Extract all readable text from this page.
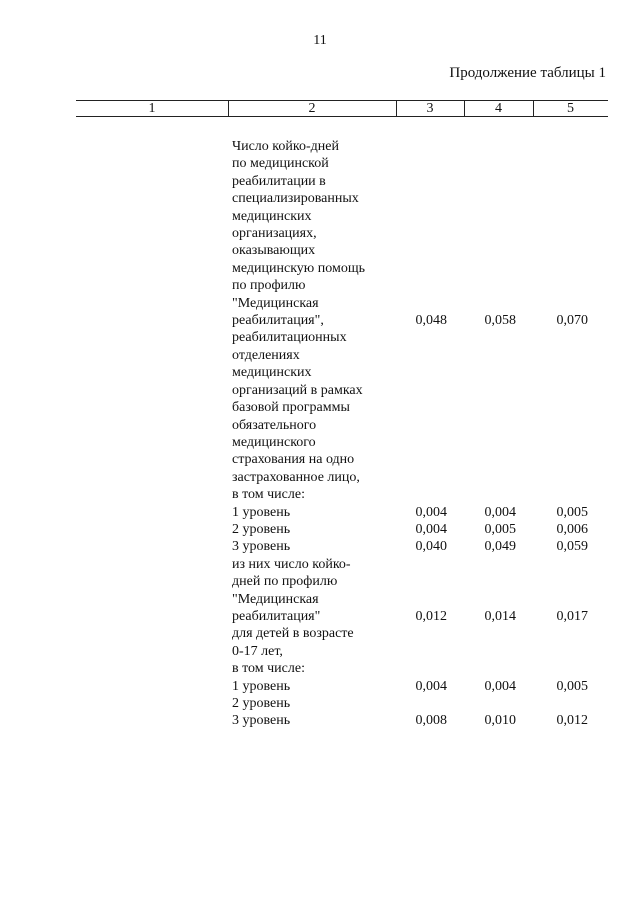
11
Продолжение таблицы 1
1	2	3	4	5
Число койко-дней
по медицинской
реабилитации в
специализированных
медицинских
организациях,
оказывающих
медицинскую помощь
по профилю
"Медицинская
реабилитация",	0,048	0,058	0,070
реабилитационных
отделениях
медицинских
организаций в рамках
базовой программы
обязательного
медицинского
страхования на одно
застрахованное лицо,
в том числе:
1 уровень	0,004	0,004	0,005
2 уровень	0,004	0,005	0,006
3 уровень	0,040	0,049	0,059
из них число койко-
дней по профилю
"Медицинская
реабилитация"	0,012	0,014	0,017
для детей в возрасте
0-17 лет,
в том числе:
1 уровень	0,004	0,004	0,005
2 уровень
3 уровень	0,008	0,010	0,012
